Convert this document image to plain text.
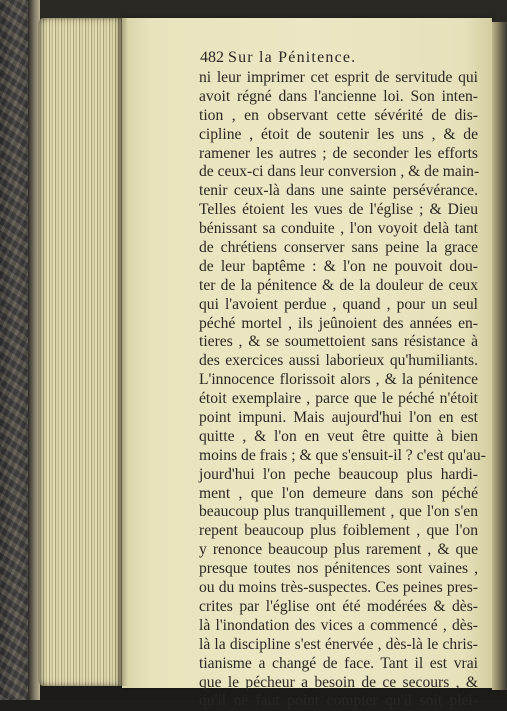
482 Sur la Pénitence.
ni leur imprimer cet esprit de servitude qui
avoit régné dans l'ancienne loi. Son inten-
tion , en observant cette sévérité de dis-
cipline , étoit de soutenir les uns , & de
ramener les autres ; de seconder les efforts
de ceux-ci dans leur conversion , & de main-
tenir ceux-là dans une sainte persévérance.
Telles étoient les vues de l'église ; & Dieu
bénissant sa conduite , l'on voyoit delà tant
de chrétiens conserver sans peine la grace
de leur baptême : & l'on ne pouvoit dou-
ter de la pénitence & de la douleur de ceux
qui l'avoient perdue , quand , pour un seul
péché mortel , ils jeûnoient des années en-
tieres , & se soumettoient sans résistance à
des exercices aussi laborieux qu'humiliants.
L'innocence florissoit alors , & la pénitence
étoit exemplaire , parce que le péché n'étoit
point impuni. Mais aujourd'hui l'on en est
quitte , & l'on en veut être quitte à bien
moins de frais ; & que s'ensuit-il ? c'est qu'au-
jourd'hui l'on peche beaucoup plus hardi-
ment , que l'on demeure dans son péché
beaucoup plus tranquillement , que l'on s'en
repent beaucoup plus foiblement , que l'on
y renonce beaucoup plus rarement , & que
presque toutes nos pénitences sont vaines ,
ou du moins très-suspectes. Ces peines pres-
crites par l'église ont été modérées & dès-
là l'inondation des vices a commencé , dès-
là la discipline s'est énervée , dès-là le chris-
tianisme a changé de face. Tant il est vrai
que le pécheur a besoin de ce secours , &
qu'il ne faut point compter qu'il soit plei-
